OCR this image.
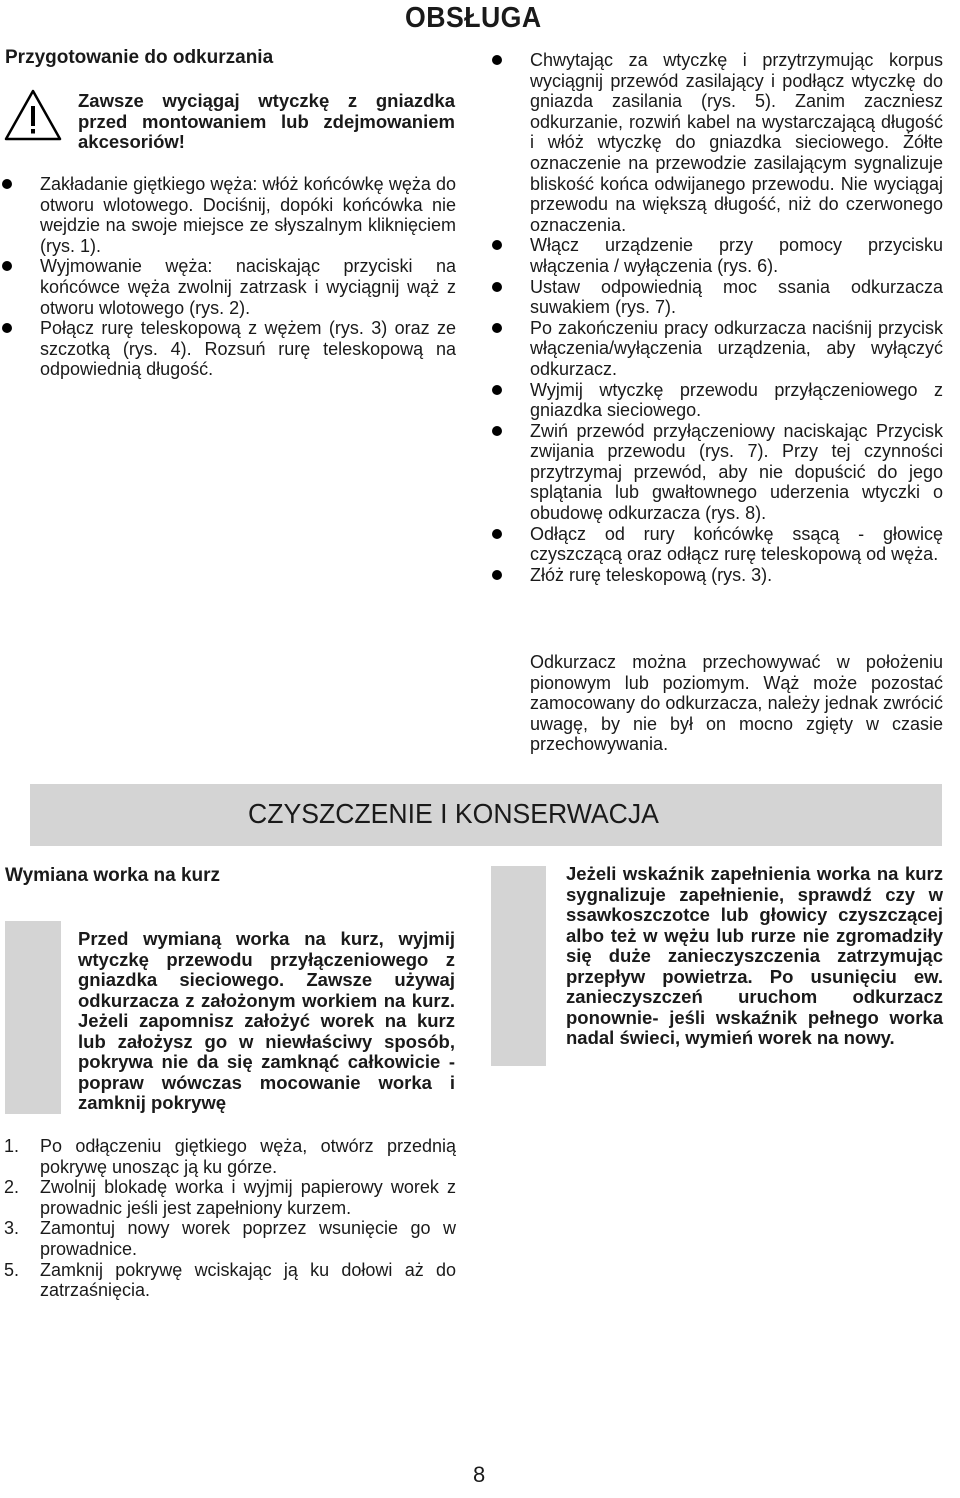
OBSŁUGA
Przygotowanie do odkurzania
Zawsze wyciągaj wtyczkę z gniazdka przed montowaniem lub zdejmowaniem akcesoriów!
Zakładanie giętkiego węża: włóż końcówkę węża do otworu wlotowego. Dociśnij, dopóki końcówka nie wejdzie na swoje miejsce ze słyszalnym kliknięciem (rys. 1).
Wyjmowanie węża: naciskając przyciski na końcówce węża zwolnij zatrzask i wyciągnij wąż z otworu wlotowego (rys. 2).
Połącz rurę teleskopową z wężem (rys. 3) oraz ze szczotką (rys. 4). Rozsuń rurę teleskopową na odpowiednią długość.
Chwytając za wtyczkę i przytrzymując korpus wyciągnij przewód zasilający i podłącz wtyczkę do gniazda zasilania (rys. 5). Zanim zaczniesz odkurzanie, rozwiń kabel na wystarczającą długość i włóż wtyczkę do gniazdka sieciowego. Żółte oznaczenie na przewodzie zasilającym sygnalizuje bliskość końca odwijanego przewodu. Nie wyciągaj przewodu na większą długość, niż do czerwonego oznaczenia.
Włącz urządzenie przy pomocy przycisku włączenia / wyłączenia (rys. 6).
Ustaw odpowiednią moc ssania odkurzacza suwakiem (rys. 7).
Po zakończeniu pracy odkurzacza naciśnij przycisk włączenia/wyłączenia urządzenia, aby wyłączyć odkurzacz.
Wyjmij wtyczkę przewodu przyłączeniowego z gniazdka sieciowego.
Zwiń przewód przyłączeniowy naciskając Przycisk zwijania przewodu (rys. 7). Przy tej czynności przytrzymaj przewód, aby nie dopuścić do jego splątania lub gwałtownego uderzenia wtyczki o obudowę odkurzacza (rys. 8).
Odłącz od rury końcówkę ssącą - głowicę czyszczącą oraz odłącz rurę teleskopową od węża.
Złóż rurę teleskopową (rys. 3).
Odkurzacz można przechowywać w położeniu pionowym lub poziomym. Wąż może pozostać zamocowany do odkurzacza, należy jednak zwrócić uwagę, by nie był on mocno zgięty w czasie przechowywania.
CZYSZCZENIE I KONSERWACJA
Wymiana worka na kurz
Przed wymianą worka na kurz, wyjmij wtyczkę przewodu przyłączeniowego z gniazdka sieciowego. Zawsze używaj odkurzacza z założonym workiem na kurz. Jeżeli zapomnisz założyć worek na kurz lub założysz go w niewłaściwy sposób, pokrywa nie da się zamknąć całkowicie - popraw wówczas mocowanie worka i zamknij pokrywę
Jeżeli wskaźnik zapełnienia worka na kurz sygnalizuje zapełnienie, sprawdź czy w ssawkoszczotce lub głowicy czyszczącej albo też w wężu lub rurze nie zgromadziły się duże zanieczyszczenia zatrzymując przepływ powietrza. Po usunięciu ew. zanieczyszczeń uruchom odkurzacz ponownie- jeśli wskaźnik pełnego worka nadal świeci, wymień worek na nowy.
1. Po odłączeniu giętkiego węża, otwórz przednią pokrywę unosząc ją ku górze.
2. Zwolnij blokadę worka i wyjmij papierowy worek z prowadnic jeśli jest zapełniony kurzem.
3. Zamontuj nowy worek poprzez wsunięcie go w prowadnice.
5. Zamknij pokrywę wciskając ją ku dołowi aż do zatrzaśnięcia.
8
